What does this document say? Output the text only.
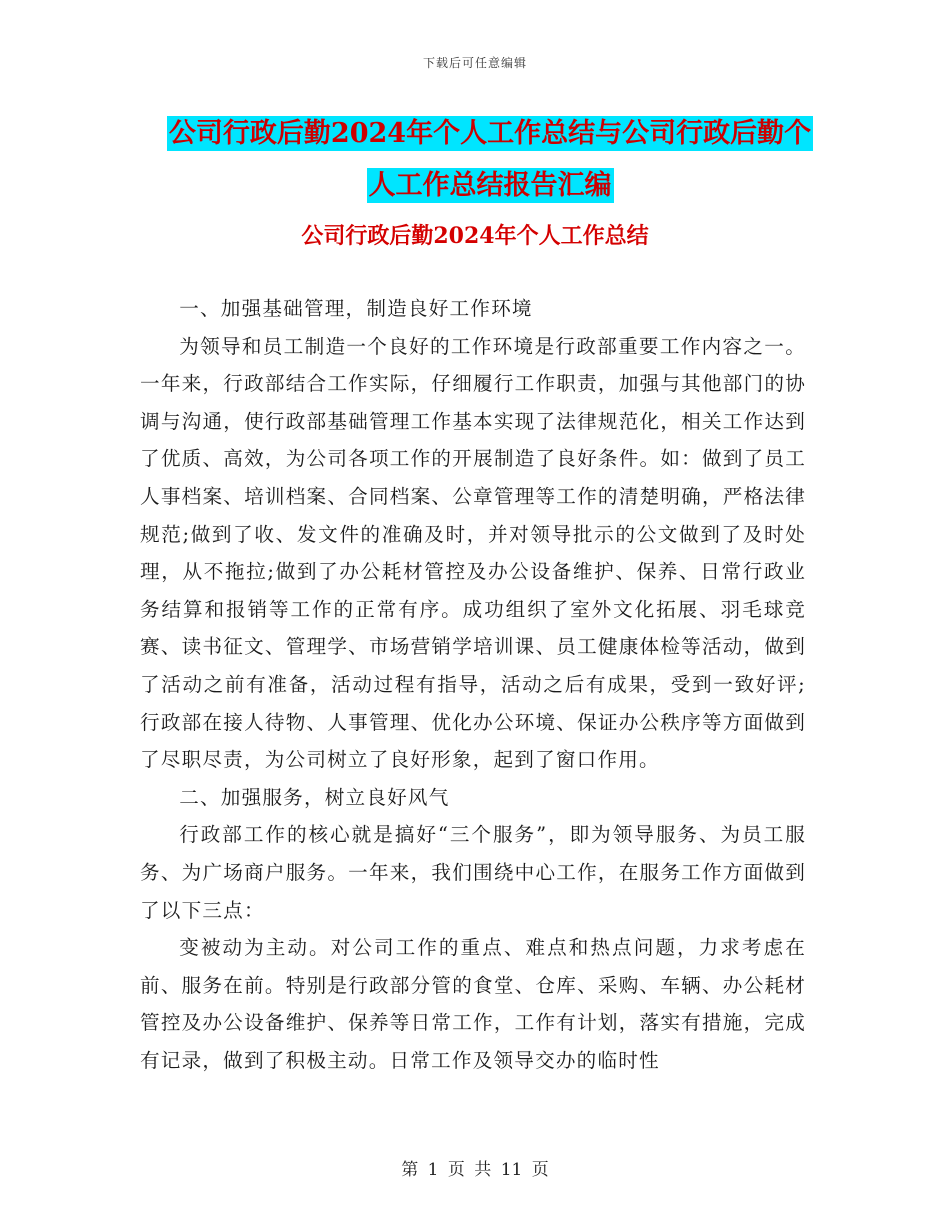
下载后可任意编辑
公司行政后勤2024年个人工作总结与公司行政后勤个
人工作总结报告汇编
公司行政后勤2024年个人工作总结

一、加强基础管理，制造良好工作环境

为领导和员工制造一个良好的工作环境是行政部重要工作内容之一。一年来，行政部结合工作实际，仔细履行工作职责，加强与其他部门的协调与沟通，使行政部基础管理工作基本实现了法律规范化，相关工作达到了优质、高效，为公司各项工作的开展制造了良好条件。如：做到了员工人事档案、培训档案、合同档案、公章管理等工作的清楚明确，严格法律规范;做到了收、发文件的准确及时，并对领导批示的公文做到了及时处理，从不拖拉;做到了办公耗材管控及办公设备维护、保养、日常行政业务结算和报销等工作的正常有序。成功组织了室外文化拓展、羽毛球竞赛、读书征文、管理学、市场营销学培训课、员工健康体检等活动，做到了活动之前有准备，活动过程有指导，活动之后有成果，受到一致好评;行政部在接人待物、人事管理、优化办公环境、保证办公秩序等方面做到了尽职尽责，为公司树立了良好形象，起到了窗口作用。

二、加强服务，树立良好风气

行政部工作的核心就是搞好“三个服务”，即为领导服务、为员工服务、为广场商户服务。一年来，我们围绕中心工作，在服务工作方面做到了以下三点：

变被动为主动。对公司工作的重点、难点和热点问题，力求考虑在前、服务在前。特别是行政部分管的食堂、仓库、采购、车辆、办公耗材管控及办公设备维护、保养等日常工作，工作有计划，落实有措施，完成有记录，做到了积极主动。日常工作及领导交办的临时性

第 1 页 共 11 页
